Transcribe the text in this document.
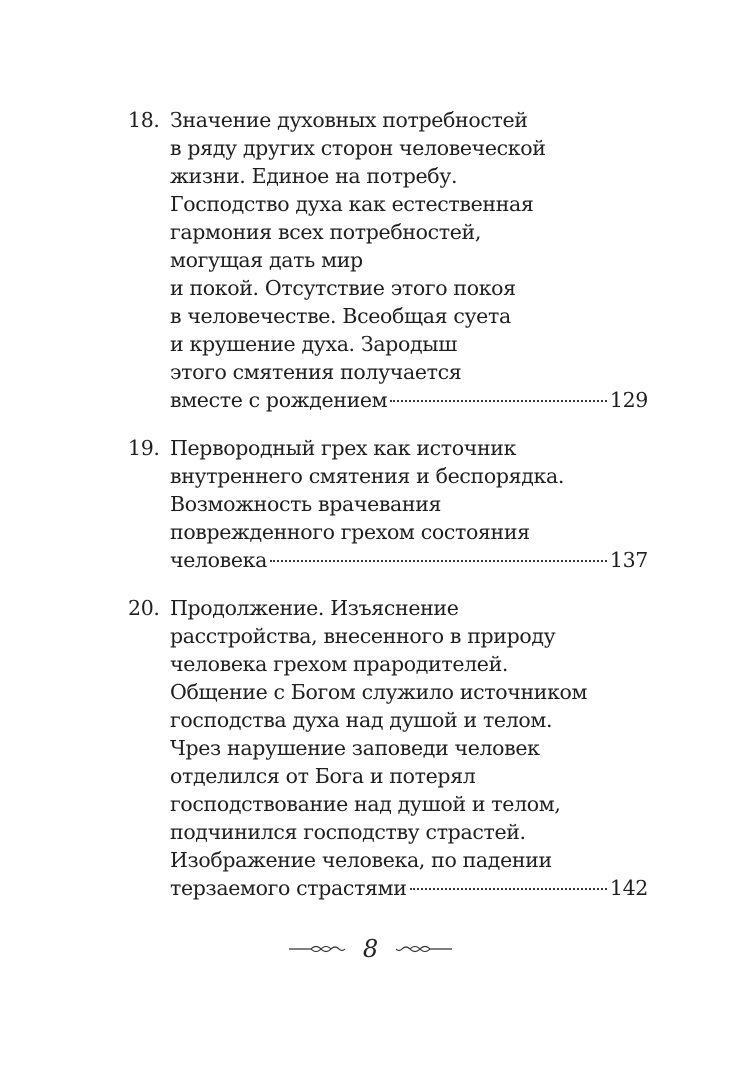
18. Значение духовных потребностей
в ряду других сторон человеческой
жизни. Единое на потребу.
Господство духа как естественная
гармония всех потребностей,
могущая дать мир
и покой. Отсутствие этого покоя
в человечестве. Всеобщая суета
и крушение духа. Зародыш
этого смятения получается
вместе с рождением	129
19. Первородный грех как источник
внутреннего смятения и беспорядка.
Возможность врачевания
поврежденного грехом состояния
человека	137
20. Продолжение. Изъяснение
расстройства, внесенного в природу
человека грехом прародителей.
Общение с Богом служило источником
господства духа над душой и телом.
Чрез нарушение заповеди человек
отделился от Бога и потерял
господствование над душой и телом,
подчинился господству страстей.
Изображение человека, по падении
терзаемого страстями	142
8
